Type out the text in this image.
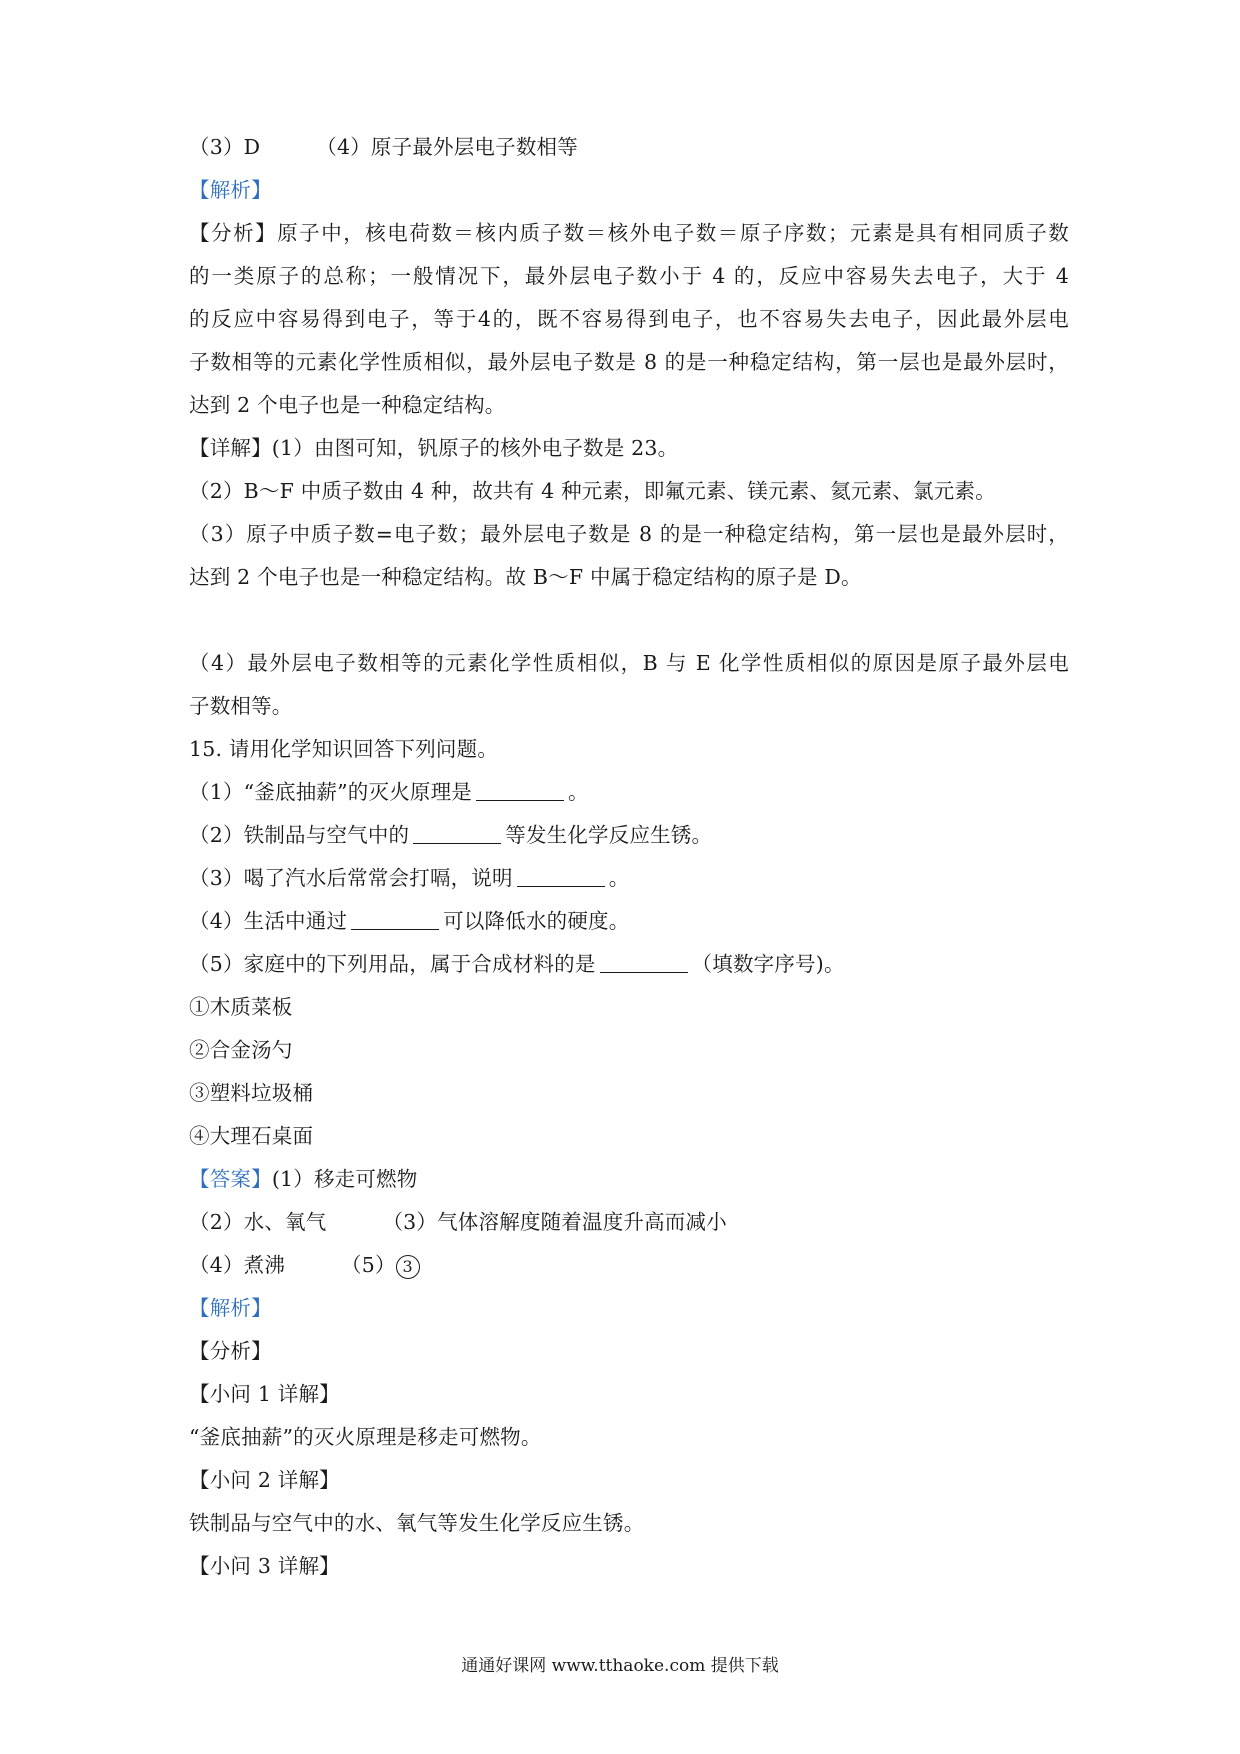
（3）D	（4）原子最外层电子数相等
【解析】
【分析】原子中，核电荷数＝核内质子数＝核外电子数＝原子序数；元素是具有相同质子数
的一类原子的总称；一般情况下，最外层电子数小于 4 的，反应中容易失去电子，大于 4
的反应中容易得到电子，等于4的，既不容易得到电子，也不容易失去电子，因此最外层电
子数相等的元素化学性质相似，最外层电子数是 8 的是一种稳定结构，第一层也是最外层时，
达到 2 个电子也是一种稳定结构。
【详解】(1）由图可知，钒原子的核外电子数是 23。
（2）B～F 中质子数由 4 种，故共有 4 种元素，即氟元素、镁元素、氦元素、氯元素。
（3）原子中质子数=电子数；最外层电子数是 8 的是一种稳定结构，第一层也是最外层时，
达到 2 个电子也是一种稳定结构。故 B～F 中属于稳定结构的原子是 D。
（4）最外层电子数相等的元素化学性质相似，B 与 E 化学性质相似的原因是原子最外层电
子数相等。
15. 请用化学知识回答下列问题。
（1）“釜底抽薪”的灭火原理是	。
（2）铁制品与空气中的	等发生化学反应生锈。
（3）喝了汽水后常常会打嗝，说明	。
（4）生活中通过	可以降低水的硬度。
（5）家庭中的下列用品，属于合成材料的是	（填数字序号)。
①木质菜板
②合金汤勺
③塑料垃圾桶
④大理石桌面
【答案】(1）移走可燃物
（2）水、氧气	（3）气体溶解度随着温度升高而减小
（4）煮沸	（5） 3
【解析】
【分析】
【小问 1 详解】
“釜底抽薪”的灭火原理是移走可燃物。
【小问 2 详解】
铁制品与空气中的水、氧气等发生化学反应生锈。
【小问 3 详解】
通通好课网 www.tthaoke.com 提供下载
